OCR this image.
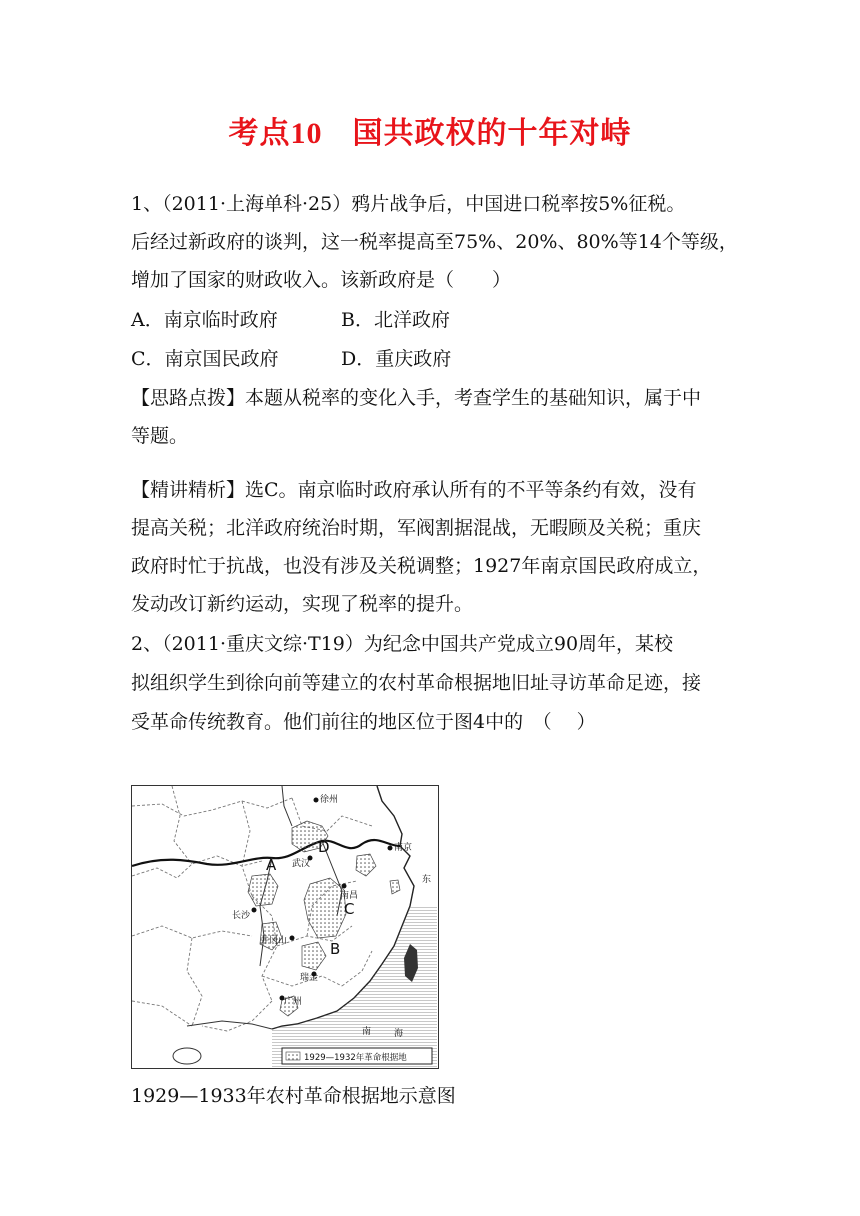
考点10 国共政权的十年对峙
1、（2011·上海单科·25）鸦片战争后，中国进口税率按5%征税。
后经过新政府的谈判，这一税率提高至75%、20%、80%等14个等级，
增加了国家的财政收入。该新政府是（　　）
A．南京临时政府	B．北洋政府
C．南京国民政府	D．重庆政府
【思路点拨】本题从税率的变化入手，考查学生的基础知识，属于中
等题。
【精讲精析】选C。南京临时政府承认所有的不平等条约有效，没有
提高关税；北洋政府统治时期，军阀割据混战，无暇顾及关税；重庆
政府时忙于抗战，也没有涉及关税调整；1927年南京国民政府成立，
发动改订新约运动，实现了税率的提升。
2、（2011·重庆文综·T19）为纪念中国共产党成立90周年，某校
拟组织学生到徐向前等建立的农村革命根据地旧址寻访革命足迹，接
受革命传统教育。他们前往的地区位于图4中的　（　 ）
徐州
南京
武汉
南昌
长沙
井冈山
瑞金
广州
东
南	海
A
D
C
B
1929—1932年革命根据地
1929—1933年农村革命根据地示意图
